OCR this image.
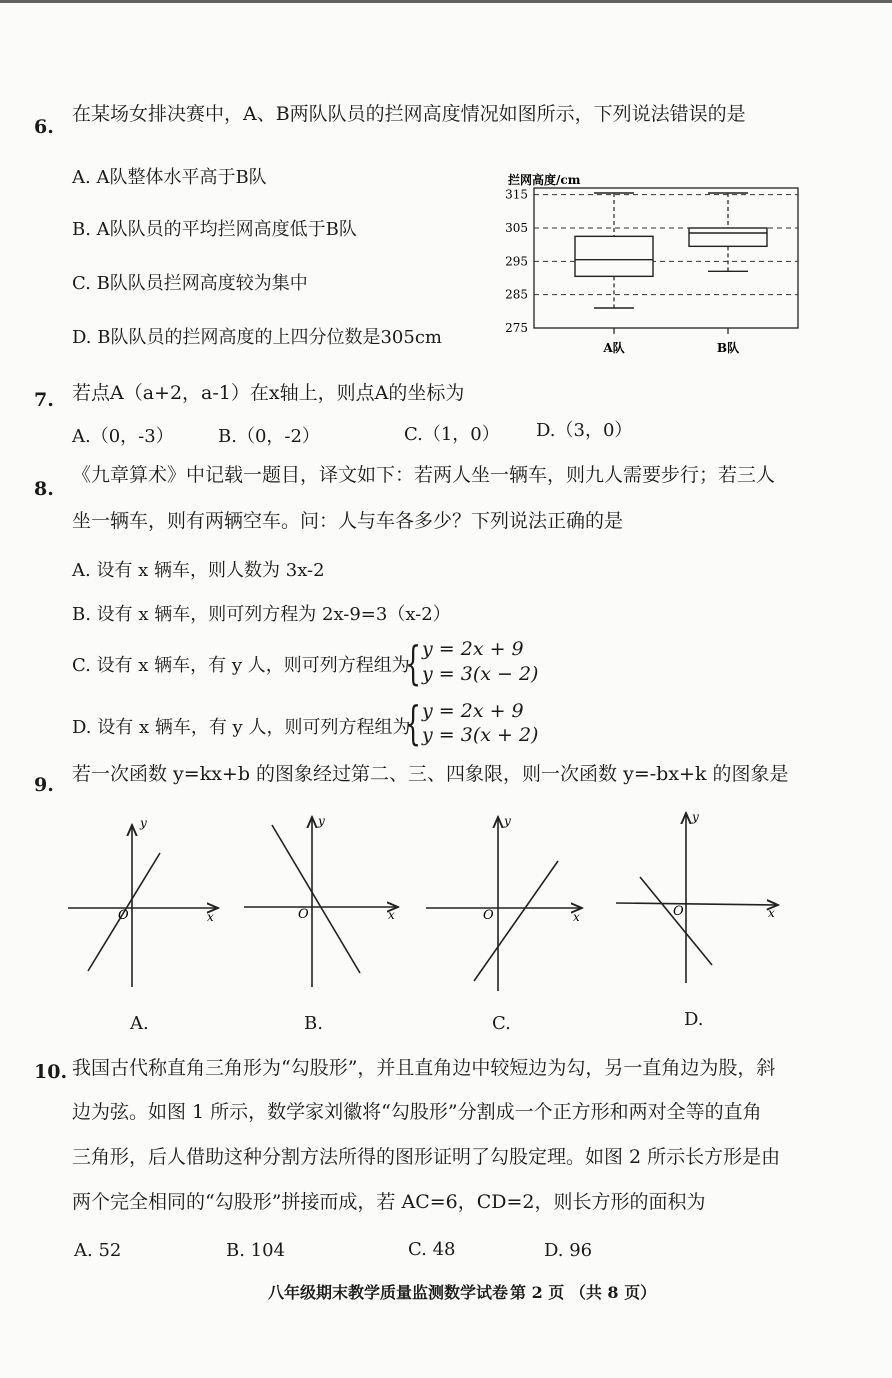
6.
在某场女排决赛中，A、B两队队员的拦网高度情况如图所示，下列说法错误的是
A. A队整体水平高于B队
B. A队队员的平均拦网高度低于B队
C. B队队员拦网高度较为集中
D. B队队员的拦网高度的上四分位数是305cm
拦网高度/cm
315
305
295
285
275
A队	B队
7. 若点A（a+2，a-1）在x轴上，则点A的坐标为
A.（0，-3） B.（0，-2）	C.（1，0） D.（3，0）
8.
《九章算术》中记载一题目，译文如下：若两人坐一辆车，则九人需要步行；若三人
坐一辆车，则有两辆空车。问：人与车各多少？下列说法正确的是
A. 设有 x 辆车，则人数为 3x-2
B. 设有 x 辆车，则可列方程为 2x-9=3（x-2）
C. 设有 x 辆车，有 y 人，则可列方程组为
{ y = 2x + 9
y = 3(x − 2)
D. 设有 x 辆车，有 y 人，则可列方程组为
{ y = 2x + 9
y = 3(x + 2)
9. 若一次函数 y=kx+b 的图象经过第二、三、四象限，则一次函数 y=-bx+k 的图象是
y
x
O
y
x
O
y
x
O
y
x
O
A.	B.	C.	D.
10. 我国古代称直角三角形为“勾股形”，并且直角边中较短边为勾，另一直角边为股，斜
边为弦。如图 1 所示，数学家刘徽将“勾股形”分割成一个正方形和两对全等的直角
三角形，后人借助这种分割方法所得的图形证明了勾股定理。如图 2 所示长方形是由
两个完全相同的“勾股形”拼接而成，若 AC=6，CD=2，则长方形的面积为
A. 52	B. 104	C. 48	D. 96
八年级期末教学质量监测数学试卷 第 2 页 （共 8 页）
